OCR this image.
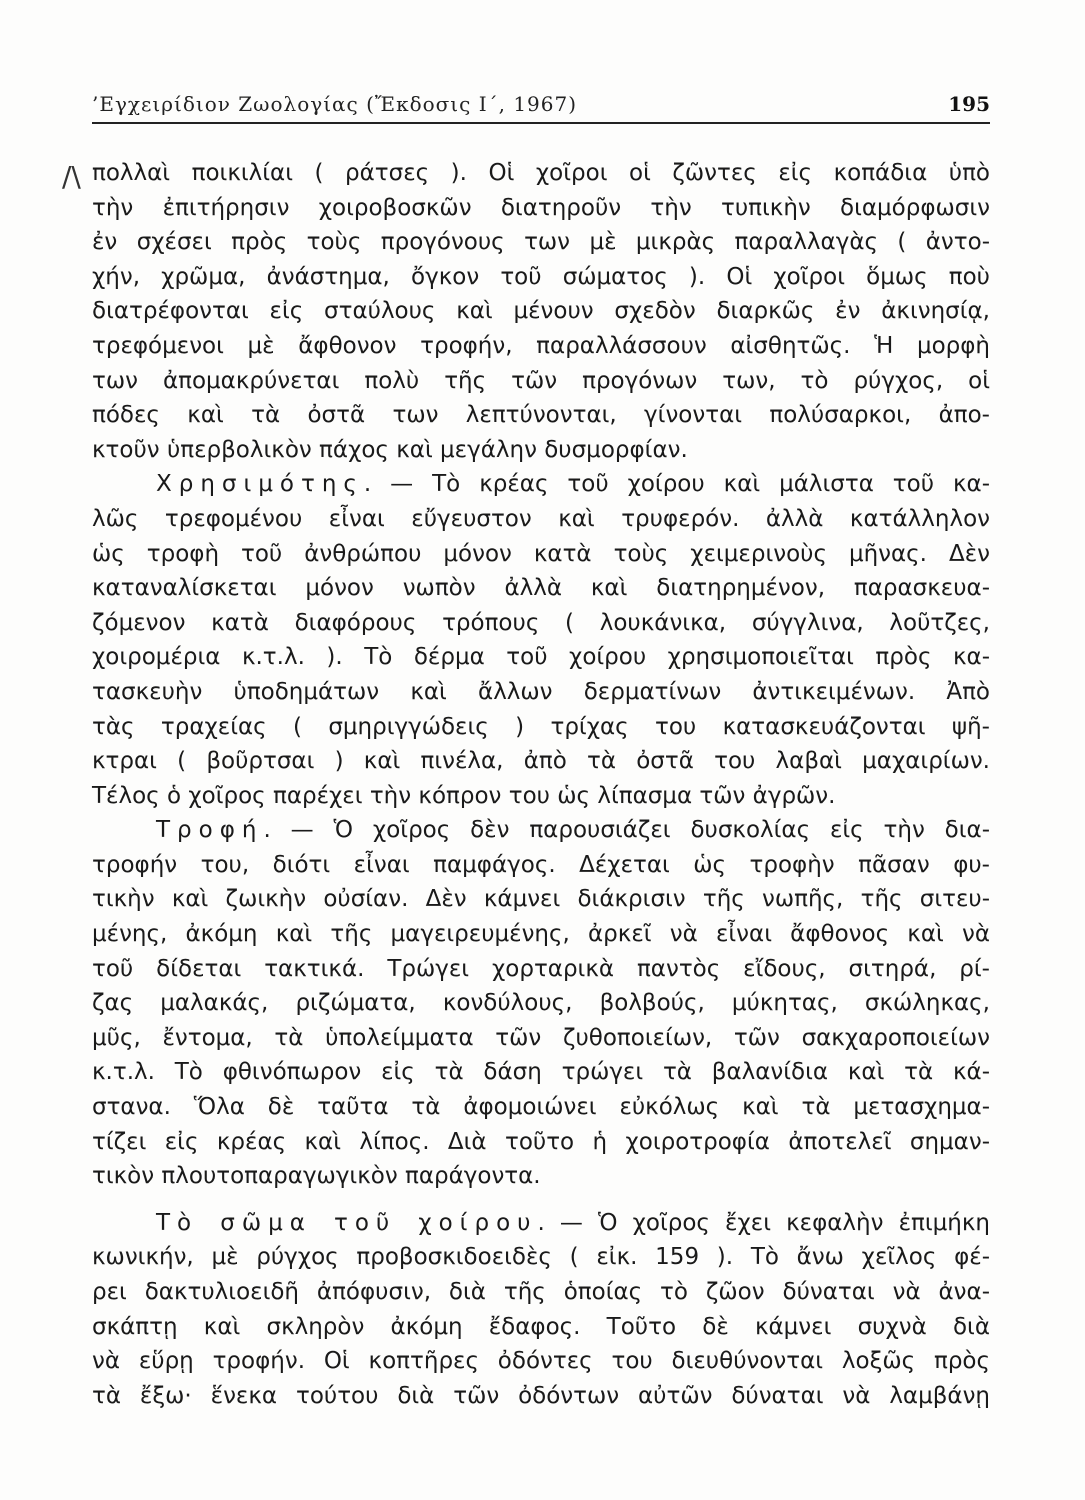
’Εγχειρίδιον Ζωολογίας (Ἔκδοσις Ι΄, 1967)	195
/\ πολλαὶ ποικιλίαι ( ράτσες ). Οἱ χοῖροι οἱ ζῶντες εἰς κοπάδια ὑπὸ
τὴν ἐπιτήρησιν χοιροβοσκῶν διατηροῦν τὴν τυπικὴν διαμόρφωσιν
ἐν σχέσει πρὸς τοὺς προγόνους των μὲ μικρὰς παραλλαγὰς ( ἀντο-
χήν, χρῶμα, ἀνάστημα, ὄγκον τοῦ σώματος ). Οἱ χοῖροι ὅμως ποὺ
διατρέφονται εἰς σταύλους καὶ μένουν σχεδὸν διαρκῶς ἐν ἀκινησίᾳ,
τρεφόμενοι μὲ ἄφθονον τροφήν, παραλλάσσουν αἰσθητῶς. Ἡ μορφὴ
των ἀπομακρύνεται πολὺ τῆς τῶν προγόνων των, τὸ ρύγχος, οἱ
πόδες καὶ τὰ ὀστᾶ των λεπτύνονται, γίνονται πολύσαρκοι, ἀπο-
κτοῦν ὑπερβολικὸν πάχος καὶ μεγάλην δυσμορφίαν.
Χρησιμότης. — Τὸ κρέας τοῦ χοίρου καὶ μάλιστα τοῦ κα-
λῶς τρεφομένου εἶναι εὔγευστον καὶ τρυφερόν. ἀλλὰ κατάλληλον
ὡς τροφὴ τοῦ ἀνθρώπου μόνον κατὰ τοὺς χειμερινοὺς μῆνας. Δὲν
καταναλίσκεται μόνον νωπὸν ἀλλὰ καὶ διατηρημένον, παρασκευα-
ζόμενον κατὰ διαφόρους τρόπους ( λουκάνικα, σύγγλινα, λοῦτζες,
χοιρομέρια κ.τ.λ. ). Τὸ δέρμα τοῦ χοίρου χρησιμοποιεῖται πρὸς κα-
τασκευὴν ὑποδημάτων καὶ ἄλλων δερματίνων ἀντικειμένων. Ἀπὸ
τὰς τραχείας ( σμηριγγώδεις ) τρίχας του κατασκευάζονται ψῆ-
κτραι ( βοῦρτσαι ) καὶ πινέλα, ἀπὸ τὰ ὀστᾶ του λαβαὶ μαχαιρίων.
Τέλος ὁ χοῖρος παρέχει τὴν κόπρον του ὡς λίπασμα τῶν ἀγρῶν.
Τροφή. — Ὁ χοῖρος δὲν παρουσιάζει δυσκολίας εἰς τὴν δια-
τροφήν του, διότι εἶναι παμφάγος. Δέχεται ὡς τροφὴν πᾶσαν φυ-
τικὴν καὶ ζωικὴν οὐσίαν. Δὲν κάμνει διάκρισιν τῆς νωπῆς, τῆς σιτευ-
μένης, ἀκόμη καὶ τῆς μαγειρευμένης, ἀρκεῖ νὰ εἶναι ἄφθονος καὶ νὰ
τοῦ δίδεται τακτικά. Τρώγει χορταρικὰ παντὸς εἴδους, σιτηρά, ρί-
ζας μαλακάς, ριζώματα, κονδύλους, βολβούς, μύκητας, σκώληκας,
μῦς, ἔντομα, τὰ ὑπολείμματα τῶν ζυθοποιείων, τῶν σακχαροποιείων
κ.τ.λ. Τὸ φθινόπωρον εἰς τὰ δάση τρώγει τὰ βαλανίδια καὶ τὰ κά-
στανα. Ὅλα δὲ ταῦτα τὰ ἀφομοιώνει εὐκόλως καὶ τὰ μετασχημα-
τίζει εἰς κρέας καὶ λίπος. Διὰ τοῦτο ἡ χοιροτροφία ἀποτελεῖ σημαν-
τικὸν πλουτοπαραγωγικὸν παράγοντα.
Τὸ σῶμα τοῦ χοίρου. — Ὁ χοῖρος ἔχει κεφαλὴν ἐπιμήκη
κωνικήν, μὲ ρύγχος προβοσκιδοειδὲς ( εἰκ. 159 ). Τὸ ἄνω χεῖλος φέ-
ρει δακτυλιοειδῆ ἀπόφυσιν, διὰ τῆς ὁποίας τὸ ζῶον δύναται νὰ ἀνα-
σκάπτῃ καὶ σκληρὸν ἀκόμη ἔδαφος. Τοῦτο δὲ κάμνει συχνὰ διὰ
νὰ εὕρῃ τροφήν. Οἱ κοπτῆρες ὀδόντες του διευθύνονται λοξῶς πρὸς
τὰ ἔξω· ἕνεκα τούτου διὰ τῶν ὀδόντων αὐτῶν δύναται νὰ λαμβάνῃ
